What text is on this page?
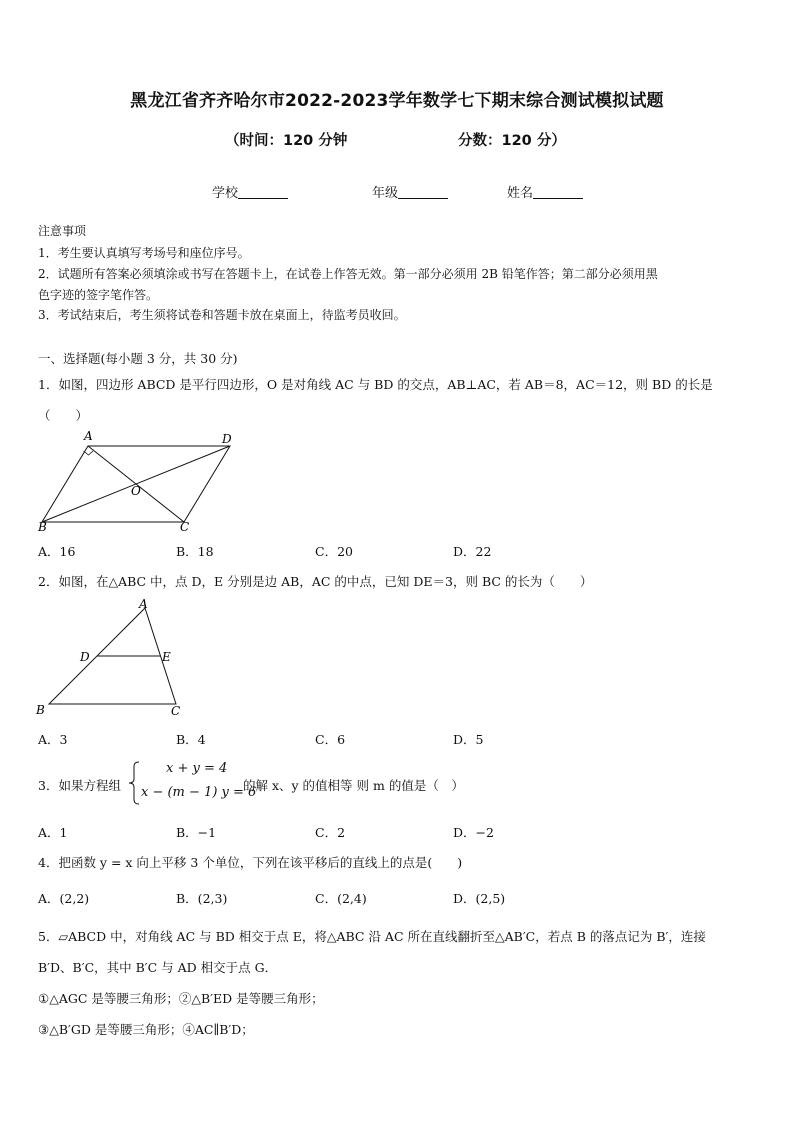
黑龙江省齐齐哈尔市2022-2023学年数学七下期末综合测试模拟试题
（时间：120 分钟	分数：120 分）
学校	年级	姓名
注意事项
1．考生要认真填写考场号和座位序号。
2．试题所有答案必须填涂或书写在答题卡上，在试卷上作答无效。第一部分必须用 2B 铅笔作答；第二部分必须用黑
色字迹的签字笔作答。
3．考试结束后，考生须将试卷和答题卡放在桌面上，待监考员收回。
一、选择题(每小题 3 分，共 30 分)
1．如图，四边形 ABCD 是平行四边形，O 是对角线 AC 与 BD 的交点，AB⊥AC，若 AB＝8，AC＝12，则 BD 的长是
（　　）
A	D
O
B	C
A．16	B．18	C．20	D．22
2．如图，在△ABC 中，点 D，E 分别是边 AB，AC 的中点，已知 DE＝3，则 BC 的长为（　　）
A
D	E
B	C
A．3	B．4	C．6	D．5
3．如果方程组
x + y = 4
x − (m − 1) y = 6
的解 x、y 的值相等 则 m 的值是（　）
A．1	B．−1	C．2	D．−2
4．把函数 y = x 向上平移 3 个单位，下列在该平移后的直线上的点是(　　)
A．(2,2)	B．(2,3)	C．(2,4)	D．(2,5)
5．▱ABCD 中，对角线 AC 与 BD 相交于点 E，将△ABC 沿 AC 所在直线翻折至△AB′C，若点 B 的落点记为 B′，连接
B′D、B′C，其中 B′C 与 AD 相交于点 G．
①△AGC 是等腰三角形；②△B′ED 是等腰三角形；
③△B′GD 是等腰三角形；④AC∥B′D；
